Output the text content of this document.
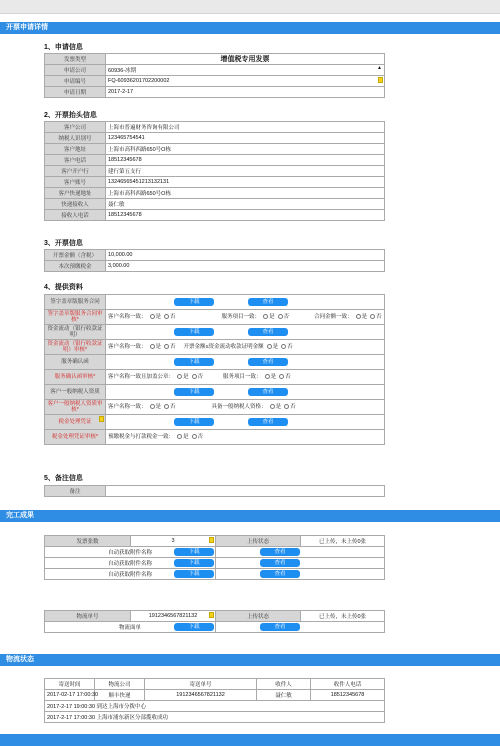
开票申请详情
1、申请信息
发票类型	增值税专用发票
申请公司	60936-冰期 ▲

申请编号	FQ-60936201702200002

申请日期	2017-2-17
2、开票抬头信息
客户公司	上海市普遍财务咨询有限公司
纳税人识别号	123465754541
客户地址	上海市高科西路650号O栋
客户电话	18512345678
客户开户行	建行第五支行
客户账号	13246565451213132131
客户快递地址	上海市高科西路650号O栋
快递接收人	聂仁敏
接收人电话	18512345678
3、开票信息
开票金额（含税）	10,000.00
本次预缴税金	3,000.00
4、提供资料
签字盖章版服务合同	下载 查看
签字盖章版服务合同审核*	客户名称一致： 是 否 服务项目一致： 是 否 合同金额一致： 是 否
资金流动（银行收款证明）	下载 查看
资金流动（银行收款证明）审核*	客户名称一致： 是 否 开票金额≤资金流动收款证明金额 是 否
服务确认函	下载 查看
服务确认函审核*	客户名称一致且加盖公章： 是 否 服务项目一致： 是 否
客户一般纳税人资质	下载 查看
客户一般纳税人资质审核*	客户名称一致： 是 否 具备一般纳税人资格： 是 否
税金处理凭证	下载 查看
税金处理凭证审核*	预缴税金与打款税金一致： 是 否
5、备注信息
备注	
完工成果
发票张数	3	上传状态	已上传，未上传0张
自动获取附件名称		下载 查看	
自动获取附件名称		下载 查看	
自动获取附件名称		下载 查看	
物流单号	1912346567821132	上传状态	已上传，未上传0张
物流面单		下载 查看	
物流状态
寄送时间	物流公司	寄送单号	收件人	收件人电话
2017-02-17 17:00:30	顺丰快递	1912346567821132	聂仁敏	18512345678
2017-2-17 19:00:30 到达上海市分拨中心				
2017-2-17 17:00:30 上海市浦东新区分部揽收成功				
